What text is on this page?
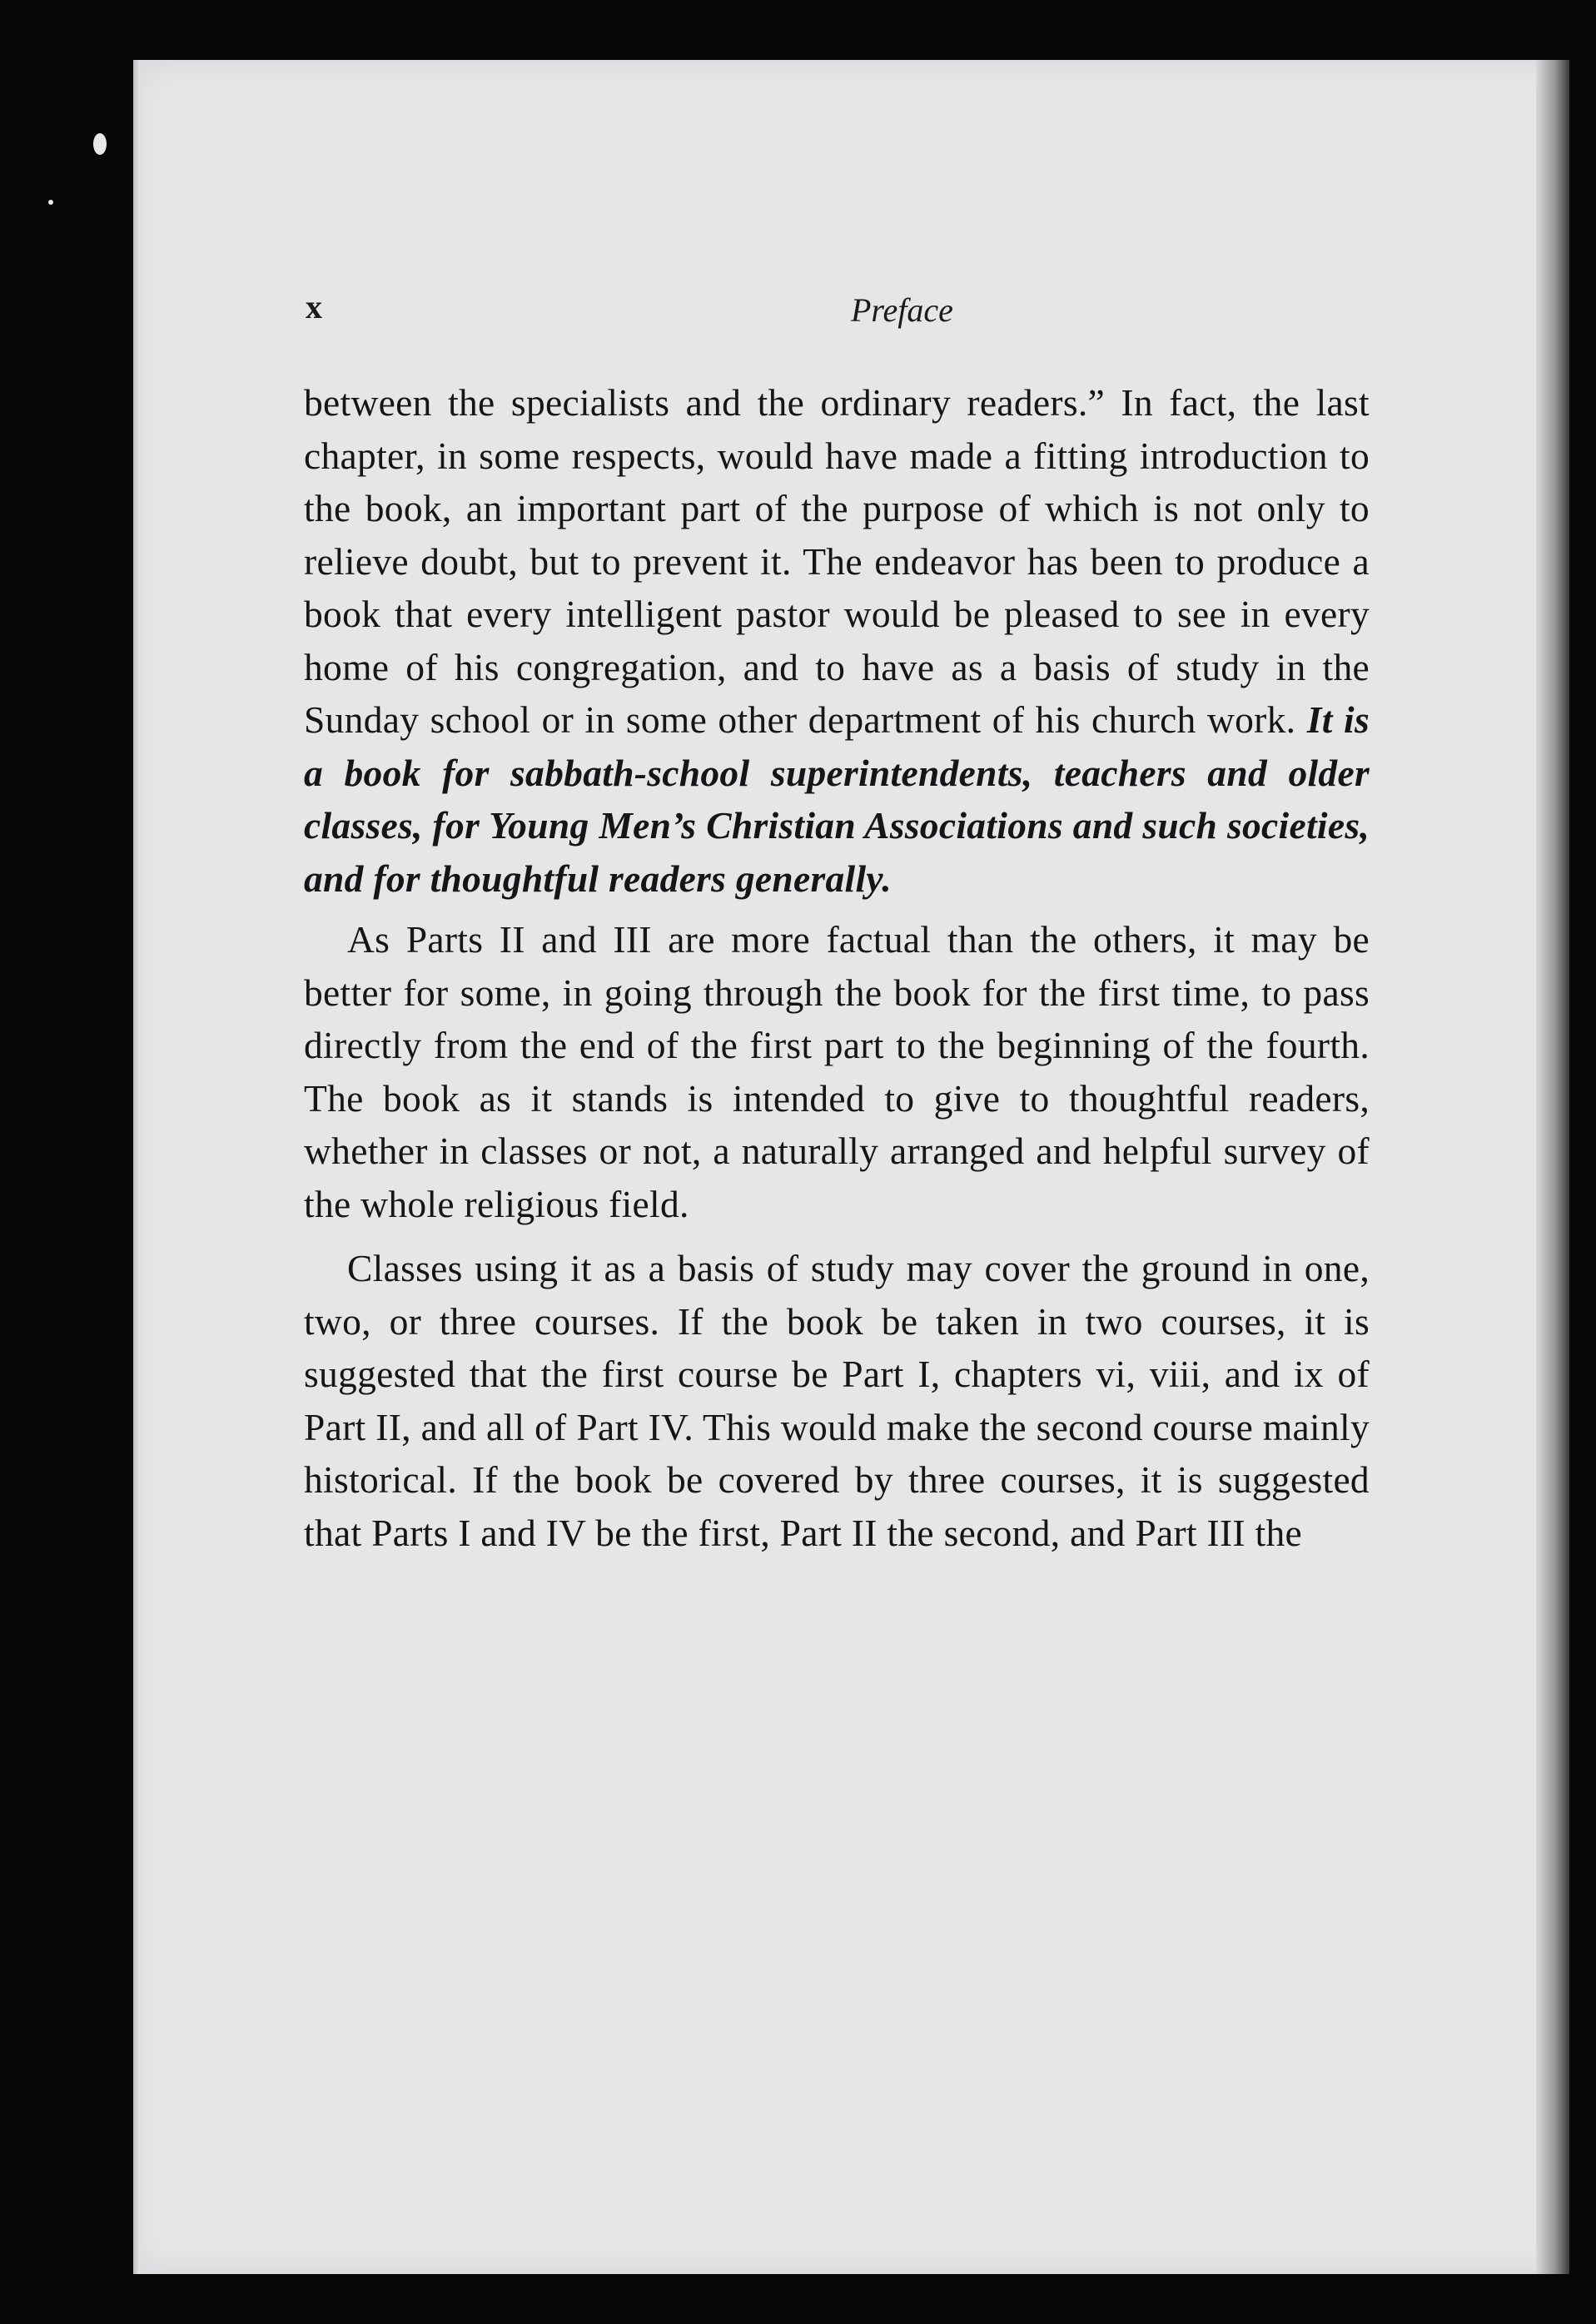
x	Preface

between the specialists and the ordinary readers.” In fact, the last chapter, in some respects, would have made a fitting introduction to the book, an important part of the purpose of which is not only to relieve doubt, but to prevent it. The endeavor has been to produce a book that every intelligent pastor would be pleased to see in every home of his congregation, and to have as a basis of study in the Sunday school or in some other department of his church work. It is a book for sabbath-school superintendents, teachers and older classes, for Young Men’s Christian Associations and such societies, and for thoughtful readers generally.

As Parts II and III are more factual than the others, it may be better for some, in going through the book for the first time, to pass directly from the end of the first part to the beginning of the fourth. The book as it stands is intended to give to thoughtful readers, whether in classes or not, a naturally arranged and helpful survey of the whole religious field.

Classes using it as a basis of study may cover the ground in one, two, or three courses. If the book be taken in two courses, it is suggested that the first course be Part I, chapters vi, viii, and ix of Part II, and all of Part IV. This would make the second course mainly historical. If the book be covered by three courses, it is suggested that Parts I and IV be the first, Part II the second, and Part III the
